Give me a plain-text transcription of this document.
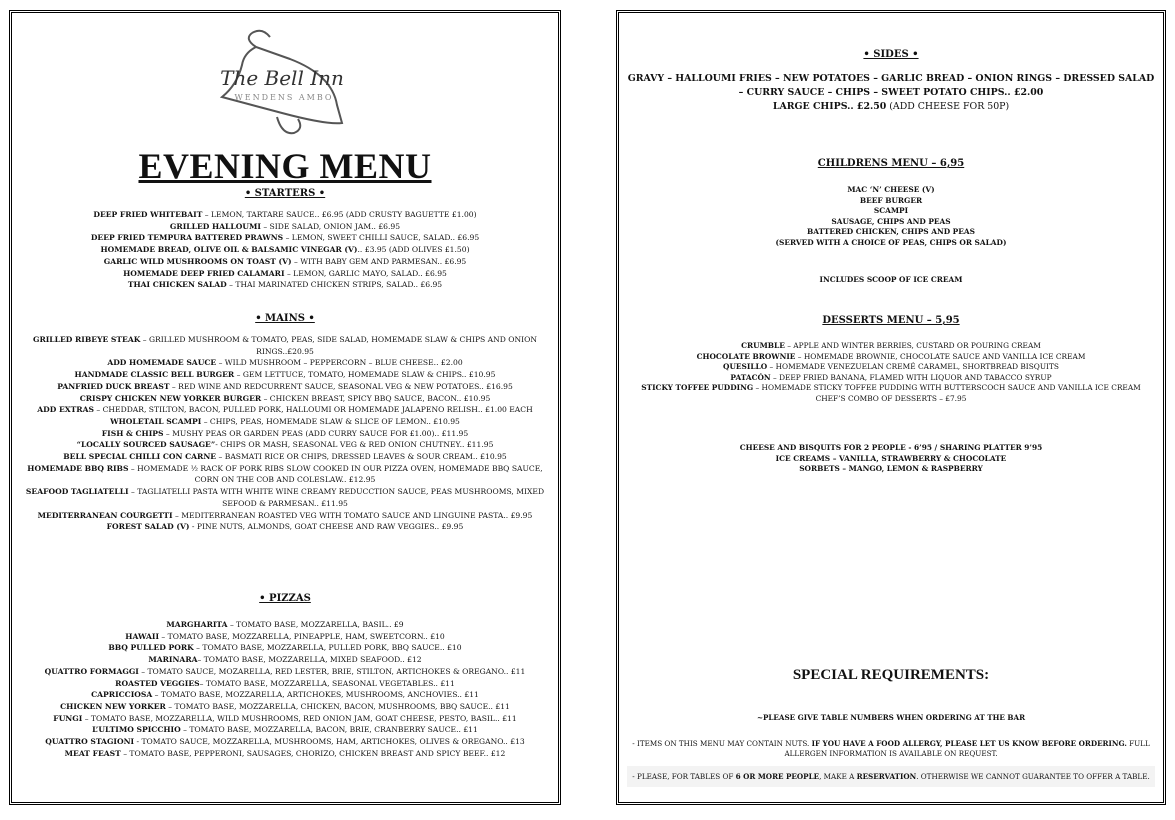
The Bell Inn
WENDENS AMBO
EVENING MENU
• STARTERS •
DEEP FRIED WHITEBAIT – LEMON, TARTARE SAUCE.. £6.95 (ADD CRUSTY BAGUETTE £1.00)
GRILLED HALLOUMI – SIDE SALAD, ONION JAM.. £6.95
DEEP FRIED TEMPURA BATTERED PRAWNS – LEMON, SWEET CHILLI SAUCE, SALAD.. £6.95
HOMEMADE BREAD, OLIVE OIL & BALSAMIC VINEGAR (V).. £3.95 (ADD OLIVES £1.50)
GARLIC WILD MUSHROOMS ON TOAST (V) – WITH BABY GEM AND PARMESAN.. £6.95
HOMEMADE DEEP FRIED CALAMARI – LEMON, GARLIC MAYO, SALAD.. £6.95
THAI CHICKEN SALAD – THAI MARINATED CHICKEN STRIPS, SALAD.. £6.95
• MAINS •
GRILLED RIBEYE STEAK – GRILLED MUSHROOM & TOMATO, PEAS, SIDE SALAD, HOMEMADE SLAW & CHIPS AND ONION RINGS..£20.95
ADD HOMEMADE SAUCE – WILD MUSHROOM – PEPPERCORN – BLUE CHEESE.. £2.00
HANDMADE CLASSIC BELL BURGER – GEM LETTUCE, TOMATO, HOMEMADE SLAW & CHIPS.. £10.95
PANFRIED DUCK BREAST – RED WINE AND REDCURRENT SAUCE, SEASONAL VEG & NEW POTATOES.. £16.95
CRISPY CHICKEN NEW YORKER BURGER – CHICKEN BREAST, SPICY BBQ SAUCE, BACON.. £10.95
ADD EXTRAS – CHEDDAR, STILTON, BACON, PULLED PORK, HALLOUMI OR HOMEMADE JALAPENO RELISH.. £1.00 EACH
WHOLETAIL SCAMPI – CHIPS, PEAS, HOMEMADE SLAW & SLICE OF LEMON.. £10.95
FISH & CHIPS – MUSHY PEAS OR GARDEN PEAS (ADD CURRY SAUCE FOR £1.00).. £11.95
“LOCALLY SOURCED SAUSAGE”- CHIPS OR MASH, SEASONAL VEG & RED ONION CHUTNEY.. £11.95
BELL SPECIAL CHILLI CON CARNE – BASMATI RICE OR CHIPS, DRESSED LEAVES & SOUR CREAM.. £10.95
HOMEMADE BBQ RIBS – HOMEMADE ½ RACK OF PORK RIBS SLOW COOKED IN OUR PIZZA OVEN, HOMEMADE BBQ SAUCE, CORN ON THE COB AND COLESLAW.. £12.95
SEAFOOD TAGLIATELLI – TAGLIATELLI PASTA WITH WHITE WINE CREAMY REDUCCTION SAUCE, PEAS MUSHROOMS, MIXED SEFOOD & PARMESAN.. £11.95
MEDITERRANEAN COURGETTI – MEDITERRANEAN ROASTED VEG WITH TOMATO SAUCE AND LINGUINE PASTA.. £9.95
FOREST SALAD (V) - PINE NUTS, ALMONDS, GOAT CHEESE AND RAW VEGGIES.. £9.95
• PIZZAS
MARGHARITA – TOMATO BASE, MOZZARELLA, BASIL.. £9
HAWAII – TOMATO BASE, MOZZARELLA, PINEAPPLE, HAM, SWEETCORN.. £10
BBQ PULLED PORK – TOMATO BASE, MOZZARELLA, PULLED PORK, BBQ SAUCE.. £10
MARINARA– TOMATO BASE, MOZZARELLA, MIXED SEAFOOD.. £12
QUATTRO FORMAGGI – TOMATO SAUCE, MOZARELLA, RED LESTER, BRIE, STILTON, ARTICHOKES & OREGANO.. £11
ROASTED VEGGIES– TOMATO BASE, MOZZARELLA, SEASONAL VEGETABLES.. £11
CAPRICCIOSA – TOMATO BASE, MOZZARELLA, ARTICHOKES, MUSHROOMS, ANCHOVIES.. £11
CHICKEN NEW YORKER – TOMATO BASE, MOZZARELLA, CHICKEN, BACON, MUSHROOMS, BBQ SAUCE.. £11
FUNGI – TOMATO BASE, MOZZARELLA, WILD MUSHROOMS, RED ONION JAM, GOAT CHEESE, PESTO, BASIL.. £11
L’ULTIMO SPICCHIO – TOMATO BASE, MOZZARELLA, BACON, BRIE, CRANBERRY SAUCE.. £11
QUATTRO STAGIONI - TOMATO SAUCE, MOZZARELLA, MUSHROOMS, HAM, ARTICHOKES, OLIVES & OREGANO.. £13
MEAT FEAST – TOMATO BASE, PEPPERONI, SAUSAGES, CHORIZO, CHICKEN BREAST AND SPICY BEEF.. £12
• SIDES •
GRAVY – HALLOUMI FRIES – NEW POTATOES – GARLIC BREAD – ONION RINGS – DRESSED SALAD – CURRY SAUCE – CHIPS – SWEET POTATO CHIPS.. £2.00
LARGE CHIPS.. £2.50 (ADD CHEESE FOR 50P)
CHILDRENS MENU – 6,95
MAC ‘N’ CHEESE (V)
BEEF BURGER
SCAMPI
SAUSAGE, CHIPS AND PEAS
BATTERED CHICKEN, CHIPS AND PEAS
(SERVED WITH A CHOICE OF PEAS, CHIPS OR SALAD)
INCLUDES SCOOP OF ICE CREAM
DESSERTS MENU – 5,95
CRUMBLE – APPLE AND WINTER BERRIES, CUSTARD OR POURING CREAM
CHOCOLATE BROWNIE – HOMEMADE BROWNIE, CHOCOLATE SAUCE AND VANILLA ICE CREAM
QUESILLO – HOMEMADE VENEZUELAN CREMÉ CARAMEL, SHORTBREAD BISQUITS
PATACÓN – DEEP FRIED BANANA, FLAMED WITH LIQUOR AND TABACCO SYRUP
STICKY TOFFEE PUDDING – HOMEMADE STICKY TOFFEE PUDDING WITH BUTTERSCOCH SAUCE AND VANILLA ICE CREAM
CHEF’S COMBO OF DESSERTS – £7.95
CHEESE AND BISQUITS FOR 2 PEOPLE - 6’95 / SHARING PLATTER 9’95
ICE CREAMS – VANILLA, STRAWBERRY & CHOCOLATE
SORBETS – MANGO, LEMON & RASPBERRY
SPECIAL REQUIREMENTS:
~PLEASE GIVE TABLE NUMBERS WHEN ORDERING AT THE BAR
- ITEMS ON THIS MENU MAY CONTAIN NUTS. IF YOU HAVE A FOOD ALLERGY, PLEASE LET US KNOW BEFORE ORDERING. FULL ALLERGEN INFORMATION IS AVAILABLE ON REQUEST.
- PLEASE, FOR TABLES OF 6 OR MORE PEOPLE, MAKE A RESERVATION. OTHERWISE WE CANNOT GUARANTEE TO OFFER A TABLE.
